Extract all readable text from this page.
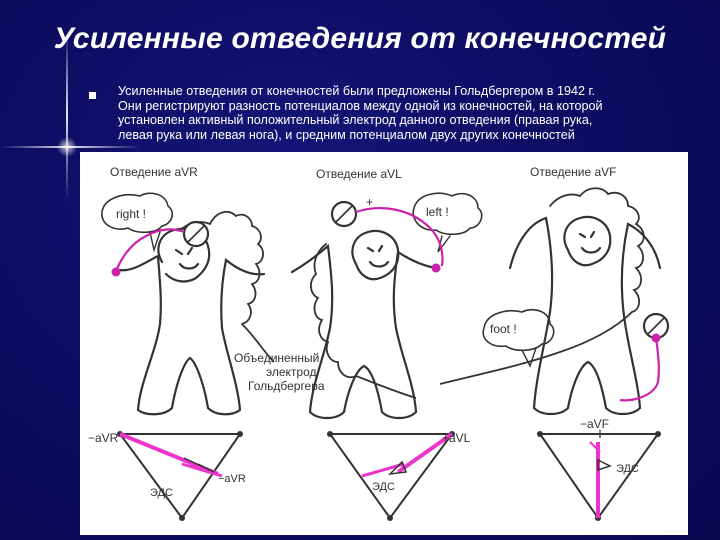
Усиленные отведения от конечностей
Усиленные отведения от конечностей были предложены Гольдбергером в 1942 г.
Они регистрируют разность потенциалов между одной из конечностей, на которой
установлен активный положительный электрод данного отведения (правая рука,
левая рука или левая нога), и средним потенциалом двух других конечностей
Отведение aVR	Отведение aVL	Отведение aVF
right !
+
left !
foot !
Объединенный
электрод
Гольдбергера
−aVR
−aVR
ЭДС
+aVL
ЭДС
−aVF
ЭДС
